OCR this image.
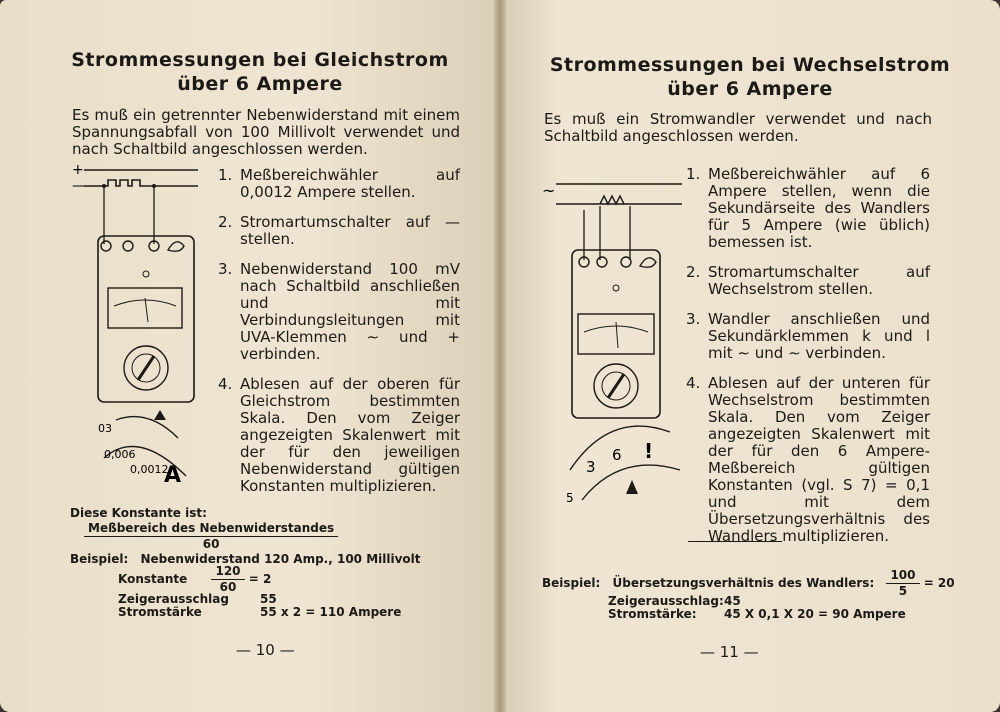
Strommessungen bei Gleichstrom
über 6 Ampere
Es muß ein getrennter Nebenwiderstand mit einem Spannungsabfall von 100 Millivolt verwendet und nach Schaltbild angeschlossen werden.
+
—
03
0,006
0,0012
A
1. Meßbereichwähler auf 0,0012 Ampere stellen.
2. Stromartumschalter auf — stellen.
3. Nebenwiderstand 100 mV nach Schaltbild anschließen und mit Verbindungsleitungen mit UVA-Klemmen ∼ und + verbinden.
4. Ablesen auf der oberen für Gleichstrom bestimmten Skala. Den vom Zeiger angezeigten Skalenwert mit der für den jeweiligen Nebenwiderstand gültigen Konstanten multiplizieren.
Diese Konstante ist:
$\frac{\text{Meßbereich des Nebenwiderstandes}}{60}$
Beispiel: Nebenwiderstand 120 Amp., 100 Millivolt
Konstante $\frac{120}{60} = 2$
Zeigerausschlag	55
Stromstärke	55 x 2 = 110 Ampere
— 10 —
Strommessungen bei Wechselstrom
über 6 Ampere
Es muß ein Stromwandler verwendet und nach Schaltbild angeschlossen werden.
~
3
6 !
5
1. Meßbereichwähler auf 6 Ampere stellen, wenn die Sekundärseite des Wandlers für 5 Ampere (wie üblich) bemessen ist.
2. Stromartumschalter auf Wechselstrom stellen.
3. Wandler anschließen und Sekundärklemmen k und l mit ∼ und ∼ verbinden.
4. Ablesen auf der unteren für Wechselstrom bestimmten Skala. Den vom Zeiger angezeigten Skalenwert mit der für den 6 Ampere-Meßbereich gültigen Konstanten (vgl. S 7) = 0,1 und mit dem Übersetzungsverhältnis des Wandlers multiplizieren.
Beispiel: Übersetzungsverhältnis des Wandlers: $\frac{100}{5} = 20$
Zeigerausschlag:45
Stromstärke: 45 X 0,1 X 20 = 90 Ampere
— 11 —
